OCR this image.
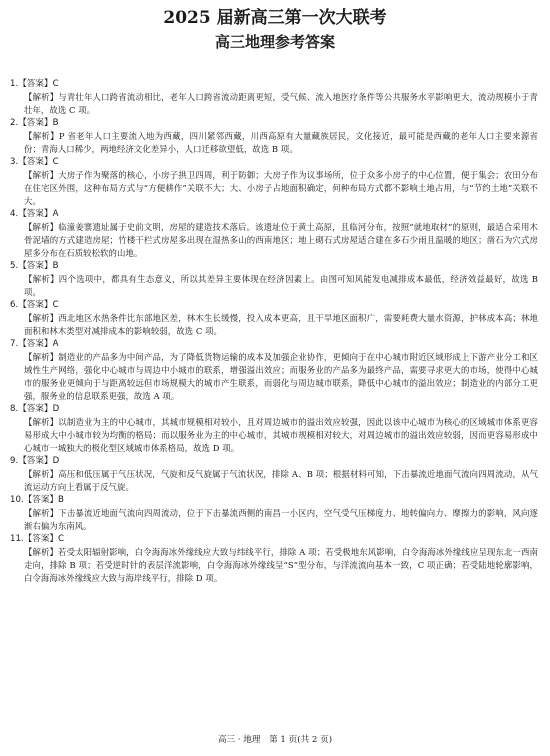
2025 届新高三第一次大联考
高三地理参考答案
1.【答案】C
【解析】与青壮年人口跨省流动相比，老年人口跨省流动距离更短，受气候、流入地医疗条件等公共服务水平影响更大，流动规模小于青壮年，故选 C 项。
2.【答案】B
【解析】P 省老年人口主要流入地为西藏，四川紧邻西藏，川西高原有大量藏族居民，文化接近，最可能是西藏的老年人口主要来源省份；青海人口稀少，两地经济文化差异小，人口迁移欲望低，故选 B 项。
3.【答案】C
【解析】大房子作为聚落的核心，小房子拱卫四周，利于防御；大房子作为议事场所，位于众多小房子的中心位置，便于集会；农田分布在住宅区外围，这种布局方式与“方便耕作”关联不大；大、小房子占地面积确定，何种布局方式都不影响土地占用，与“节约土地”关联不大。
4.【答案】A
【解析】临潼姜寨遗址属于史前文明，房屋的建造技术落后。该遗址位于黄土高原，且临河分布，按照“就地取材”的原则，最适合采用木骨泥墙的方式建造房屋；竹楼干栏式房屋多出现在湿热多山的西南地区；地上砌石式房屋适合建在多石少雨且温暖的地区；凿石为穴式房屋多分布在石质较松软的山地。
5.【答案】B
【解析】四个选项中，都具有生态意义，所以其差异主要体现在经济因素上。由图可知风能发电减排成本最低，经济效益最好，故选 B 项。
6.【答案】C
【解析】西北地区水热条件比东部地区差，林木生长缓慢，投入成本更高，且干旱地区面积广，需要耗费大量水资源，护林成本高；林地面积和林木类型对减排成本的影响较弱，故选 C 项。
7.【答案】A
【解析】制造业的产品多为中间产品，为了降低货物运输的成本及加强企业协作，更倾向于在中心城市附近区域形成上下游产业分工和区域性生产网络，强化中心城市与周边中小城市的联系，增强溢出效应；而服务业的产品多为最终产品，需要寻求更大的市场，使得中心城市的服务业更倾向于与距离较远但市场规模大的城市产生联系，而弱化与周边城市联系，降低中心城市的溢出效应；制造业的内部分工更强，服务业的信息联系更强，故选 A 项。
8.【答案】D
【解析】以制造业为主的中心城市，其城市规模相对较小，且对周边城市的溢出效应较强，因此以该中心城市为核心的区域城市体系更容易形成大中小城市较为均衡的格局；而以服务业为主的中心城市，其城市规模相对较大，对周边城市的溢出效应较弱，因而更容易形成中心城市一城独大的极化型区域城市体系格局，故选 D 项。
9.【答案】D
【解析】高压和低压属于气压状况，气旋和反气旋属于气流状况，排除 A、B 项；根据材料可知，下击暴流近地面气流向四周流动，从气流运动方向上看属于反气旋。
10.【答案】B
【解析】下击暴流近地面气流向四周流动，位于下击暴流西侧的南昌一小区内，空气受气压梯度力、地转偏向力、摩擦力的影响，风向逐渐右偏为东南风。
11.【答案】C
【解析】若受太阳辐射影响，白令海海冰外缘线应大致与纬线平行，排除 A 项；若受极地东风影响，白令海海冰外缘线应呈现东北一西南走向，排除 B 项；若受逆时针的表层洋流影响，白令海海冰外缘线呈“S”型分布，与洋流流向基本一致，C 项正确；若受陆地轮廓影响，白令海海冰外缘线应大致与海岸线平行，排除 D 项。
高三 · 地理　第 1 页(共 2 页)
